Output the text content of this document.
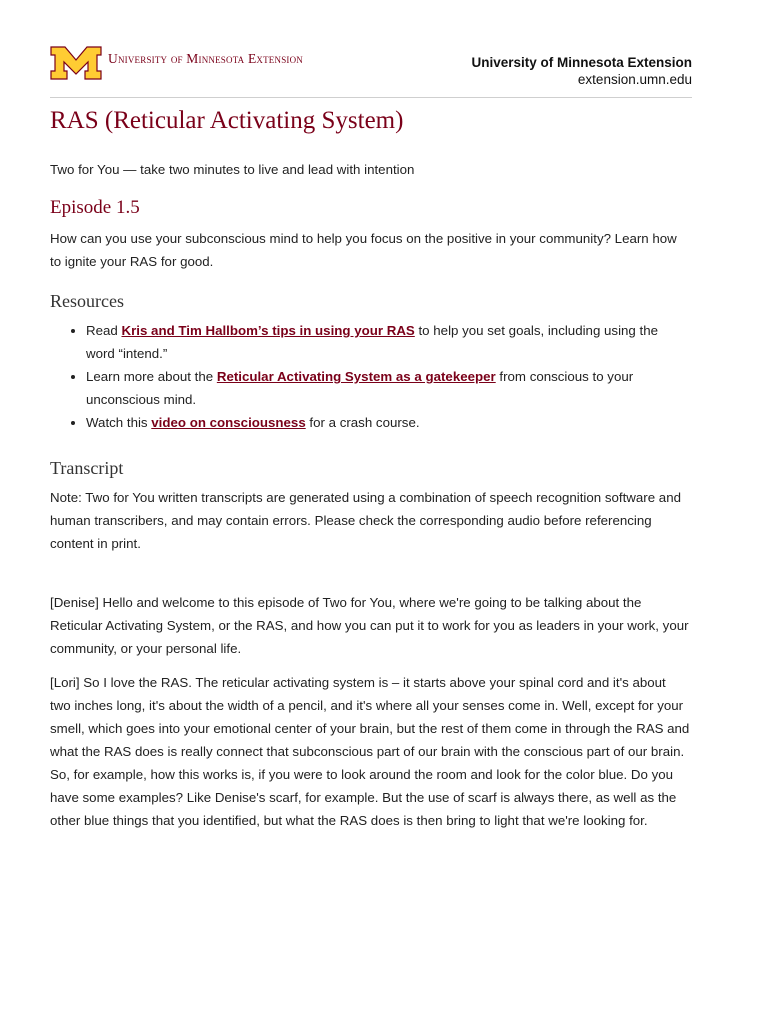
University of Minnesota Extension	University of Minnesota Extension
extension.umn.edu
RAS (Reticular Activating System)

Two for You — take two minutes to live and lead with intention

Episode 1.5

How can you use your subconscious mind to help you focus on the positive in your community? Learn how to ignite your RAS for good.

Resources
• Read Kris and Tim Hallbom’s tips in using your RAS to help you set goals, including using the word “intend.”
• Learn more about the Reticular Activating System as a gatekeeper from conscious to your unconscious mind.
• Watch this video on consciousness for a crash course.
Transcript

Note: Two for You written transcripts are generated using a combination of speech recognition software and human transcribers, and may contain errors. Please check the corresponding audio before referencing content in print.

[Denise] Hello and welcome to this episode of Two for You, where we're going to be talking about the Reticular Activating System, or the RAS, and how you can put it to work for you as leaders in your work, your community, or your personal life.

[Lori] So I love the RAS. The reticular activating system is – it starts above your spinal cord and it's about two inches long, it's about the width of a pencil, and it's where all your senses come in. Well, except for your smell, which goes into your emotional center of your brain, but the rest of them come in through the RAS and what the RAS does is really connect that subconscious part of our brain with the conscious part of our brain. So, for example, how this works is, if you were to look around the room and look for the color blue. Do you have some examples? Like Denise's scarf, for example. But the use of scarf is always there, as well as the other blue things that you identified, but what the RAS does is then bring to light that we're looking for.
